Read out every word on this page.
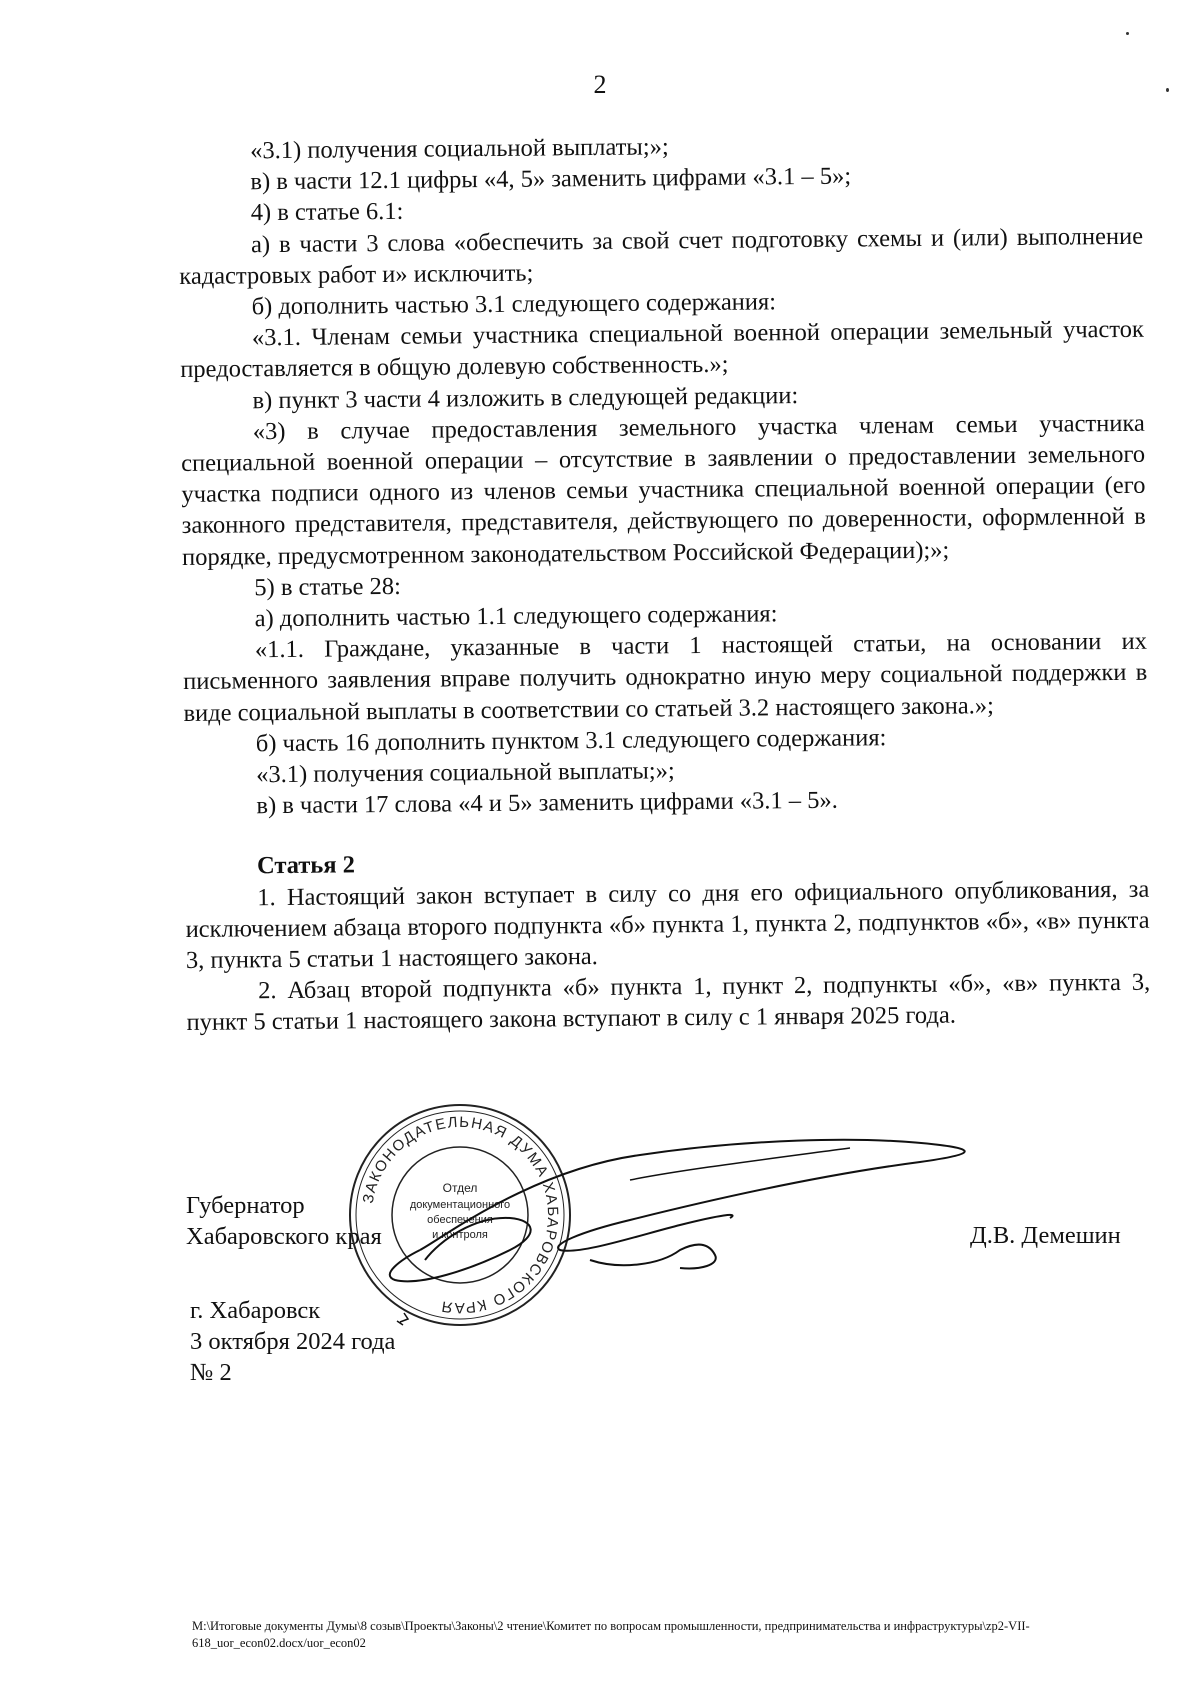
2

«3.1) получения социальной выплаты;»;

в) в части 12.1 цифры «4, 5» заменить цифрами «3.1 – 5»;

4) в статье 6.1:

а) в части 3 слова «обеспечить за свой счет подготовку схемы и (или) выполнение кадастровых работ и» исключить;

б) дополнить частью 3.1 следующего содержания:

«3.1. Членам семьи участника специальной военной операции земельный участок предоставляется в общую долевую собственность.»;

в) пункт 3 части 4 изложить в следующей редакции:

«3) в случае предоставления земельного участка членам семьи участника специальной военной операции – отсутствие в заявлении о предоставлении земельного участка подписи одного из членов семьи участника специальной военной операции (его законного представителя, представителя, действующего по доверенности, оформленной в порядке, предусмотренном законодательством Российской Федерации);»;

5) в статье 28:

а) дополнить частью 1.1 следующего содержания:

«1.1. Граждане, указанные в части 1 настоящей статьи, на основании их письменного заявления вправе получить однократно иную меру социальной поддержки в виде социальной выплаты в соответствии со статьей 3.2 настоящего закона.»;

б) часть 16 дополнить пунктом 3.1 следующего содержания:

«3.1) получения социальной выплаты;»;

в) в части 17 слова «4 и 5» заменить цифрами «3.1 – 5».

Статья 2

1. Настоящий закон вступает в силу со дня его официального опубликования, за исключением абзаца второго подпункта «б» пункта 1, пункта 2, подпунктов «б», «в» пункта 3, пункта 5 статьи 1 настоящего закона.

2. Абзац второй подпункта «б» пункта 1, пункт 2, подпункты «б», «в» пункта 3, пункт 5 статьи 1 настоящего закона вступают в силу с 1 января 2025 года.

Губернатор
Хабаровского края	Д.В. Демешин
г. Хабаровск
3 октября 2024 года
№ 2
ЗАКОНОДАТЕЛЬНАЯ ДУМА ХАБАРОВСКОГО КРАЯ
Отдел
документационного
обеспечения
и контроля
M:\Итоговые документы Думы\8 созыв\Проекты\Законы\2 чтение\Комитет по вопросам промышленности, предпринимательства и инфраструктуры\zp2-VII-618_uor_econ02.docx/uor_econ02
